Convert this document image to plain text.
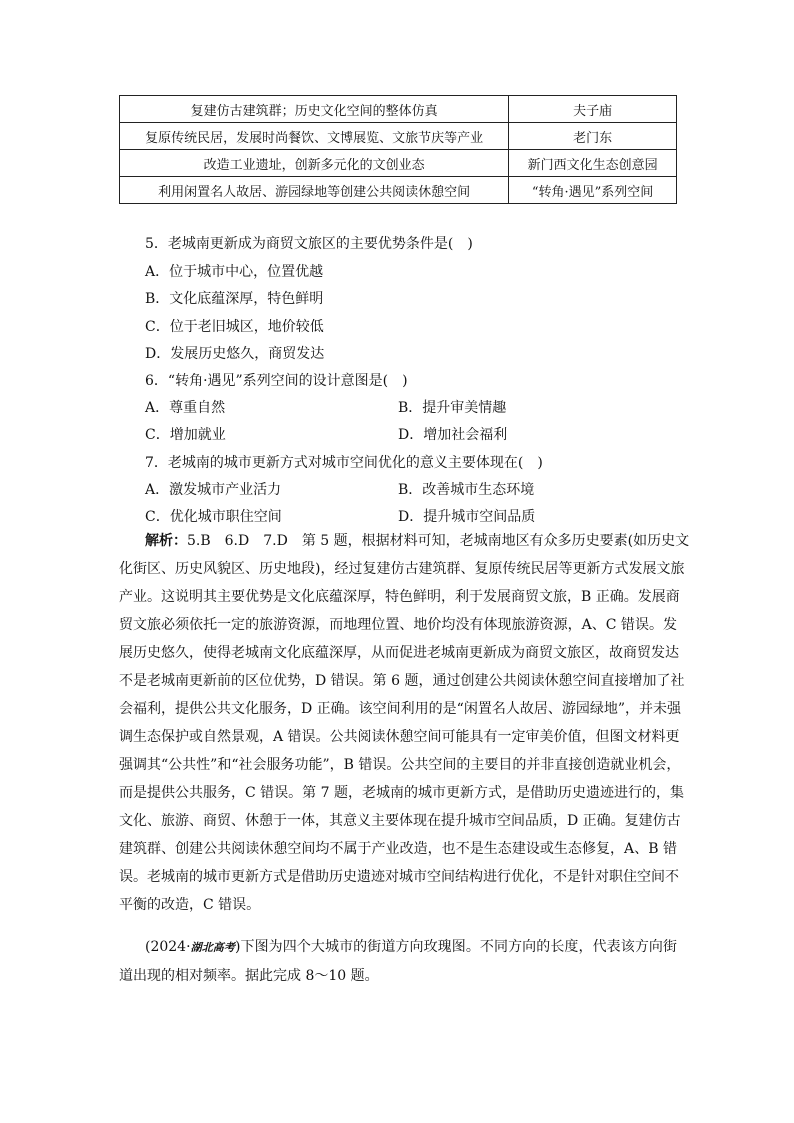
复建仿古建筑群；历史文化空间的整体仿真	夫子庙
复原传统民居，发展时尚餐饮、文博展览、文旅节庆等产业	老门东
改造工业遗址，创新多元化的文创业态	新门西文化生态创意园
利用闲置名人故居、游园绿地等创建公共阅读休憩空间	“转角·遇见”系列空间
5．老城南更新成为商贸文旅区的主要优势条件是(　)
A．位于城市中心，位置优越
B．文化底蕴深厚，特色鲜明
C．位于老旧城区，地价较低
D．发展历史悠久，商贸发达
6．“转角·遇见”系列空间的设计意图是(　)
A．尊重自然	B．提升审美情趣
C．增加就业	D．增加社会福利
7．老城南的城市更新方式对城市空间优化的意义主要体现在(　)
A．激发城市产业活力	B．改善城市生态环境
C．优化城市职住空间	D．提升城市空间品质

解析：5.B　6.D　7.D　 第 5 题，根据材料可知，老城南地区有众多历史要素(如历史文

化街区、历史风貌区、历史地段)，经过复建仿古建筑群、复原传统民居等更新方式发展文旅

产业。这说明其主要优势是文化底蕴深厚，特色鲜明，利于发展商贸文旅，B 正确。发展商

贸文旅必须依托一定的旅游资源，而地理位置、地价均没有体现旅游资源，A、C 错误。发

展历史悠久，使得老城南文化底蕴深厚，从而促进老城南更新成为商贸文旅区，故商贸发达

不是老城南更新前的区位优势，D 错误。第 6 题，通过创建公共阅读休憩空间直接增加了社

会福利，提供公共文化服务，D 正确。该空间利用的是“闲置名人故居、游园绿地”，并未强

调生态保护或自然景观，A 错误。公共阅读休憩空间可能具有一定审美价值，但图文材料更

强调其“公共性”和“社会服务功能”，B 错误。公共空间的主要目的并非直接创造就业机会，

而是提供公共服务，C 错误。第 7 题，老城南的城市更新方式，是借助历史遗迹进行的，集

文化、旅游、商贸、休憩于一体，其意义主要体现在提升城市空间品质，D 正确。复建仿古

建筑群、创建公共阅读休憩空间均不属于产业改造，也不是生态建设或生态修复，A、B 错

误。老城南的城市更新方式是借助历史遗迹对城市空间结构进行优化，不是针对职住空间不

平衡的改造，C 错误。

(2024·湖北高考)下图为四个大城市的街道方向玫瑰图。不同方向的长度，代表该方向街

道出现的相对频率。据此完成 8～10 题。
